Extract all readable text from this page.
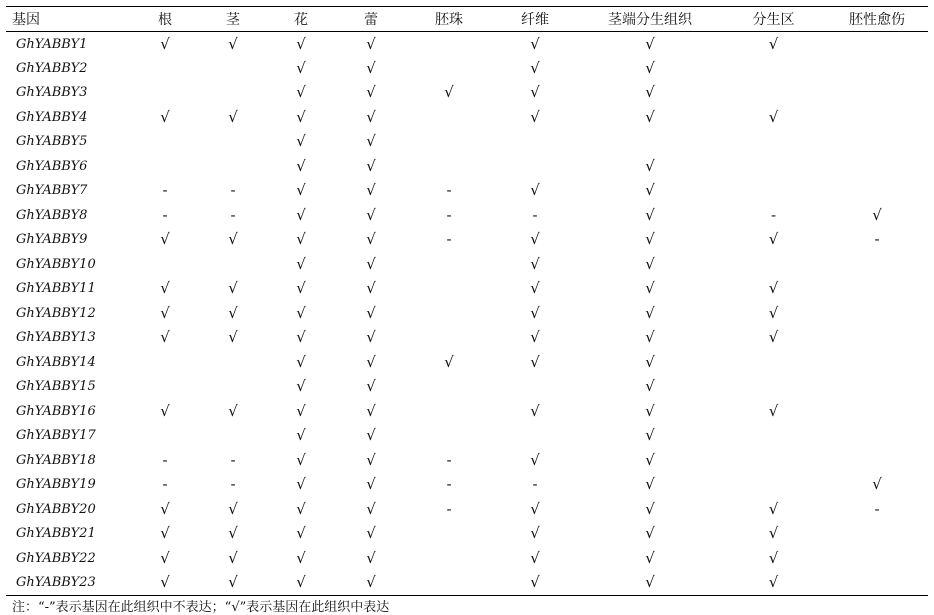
基因	根	茎	花	蕾	胚珠	纤维	茎端分生组织	分生区	胚性愈伤
GhYABBY1	√	√	√	√		√	√	√	
GhYABBY2			√	√		√	√		
GhYABBY3			√	√	√	√	√		
GhYABBY4	√	√	√	√		√	√	√	
GhYABBY5			√	√					
GhYABBY6			√	√			√		
GhYABBY7	-	-	√	√	-	√	√		
GhYABBY8	-	-	√	√	-	-	√	-	√
GhYABBY9	√	√	√	√	-	√	√	√	-
GhYABBY10			√	√		√	√		
GhYABBY11	√	√	√	√		√	√	√	
GhYABBY12	√	√	√	√		√	√	√	
GhYABBY13	√	√	√	√		√	√	√	
GhYABBY14			√	√	√	√	√		
GhYABBY15			√	√			√		
GhYABBY16	√	√	√	√		√	√	√	
GhYABBY17			√	√			√		
GhYABBY18	-	-	√	√	-	√	√		
GhYABBY19	-	-	√	√	-	-	√		√
GhYABBY20	√	√	√	√	-	√	√	√	-
GhYABBY21	√	√	√	√		√	√	√	
GhYABBY22	√	√	√	√		√	√	√	
GhYABBY23	√	√	√	√		√	√	√	
注：“-”表示基因在此组织中不表达；“√”表示基因在此组织中表达
